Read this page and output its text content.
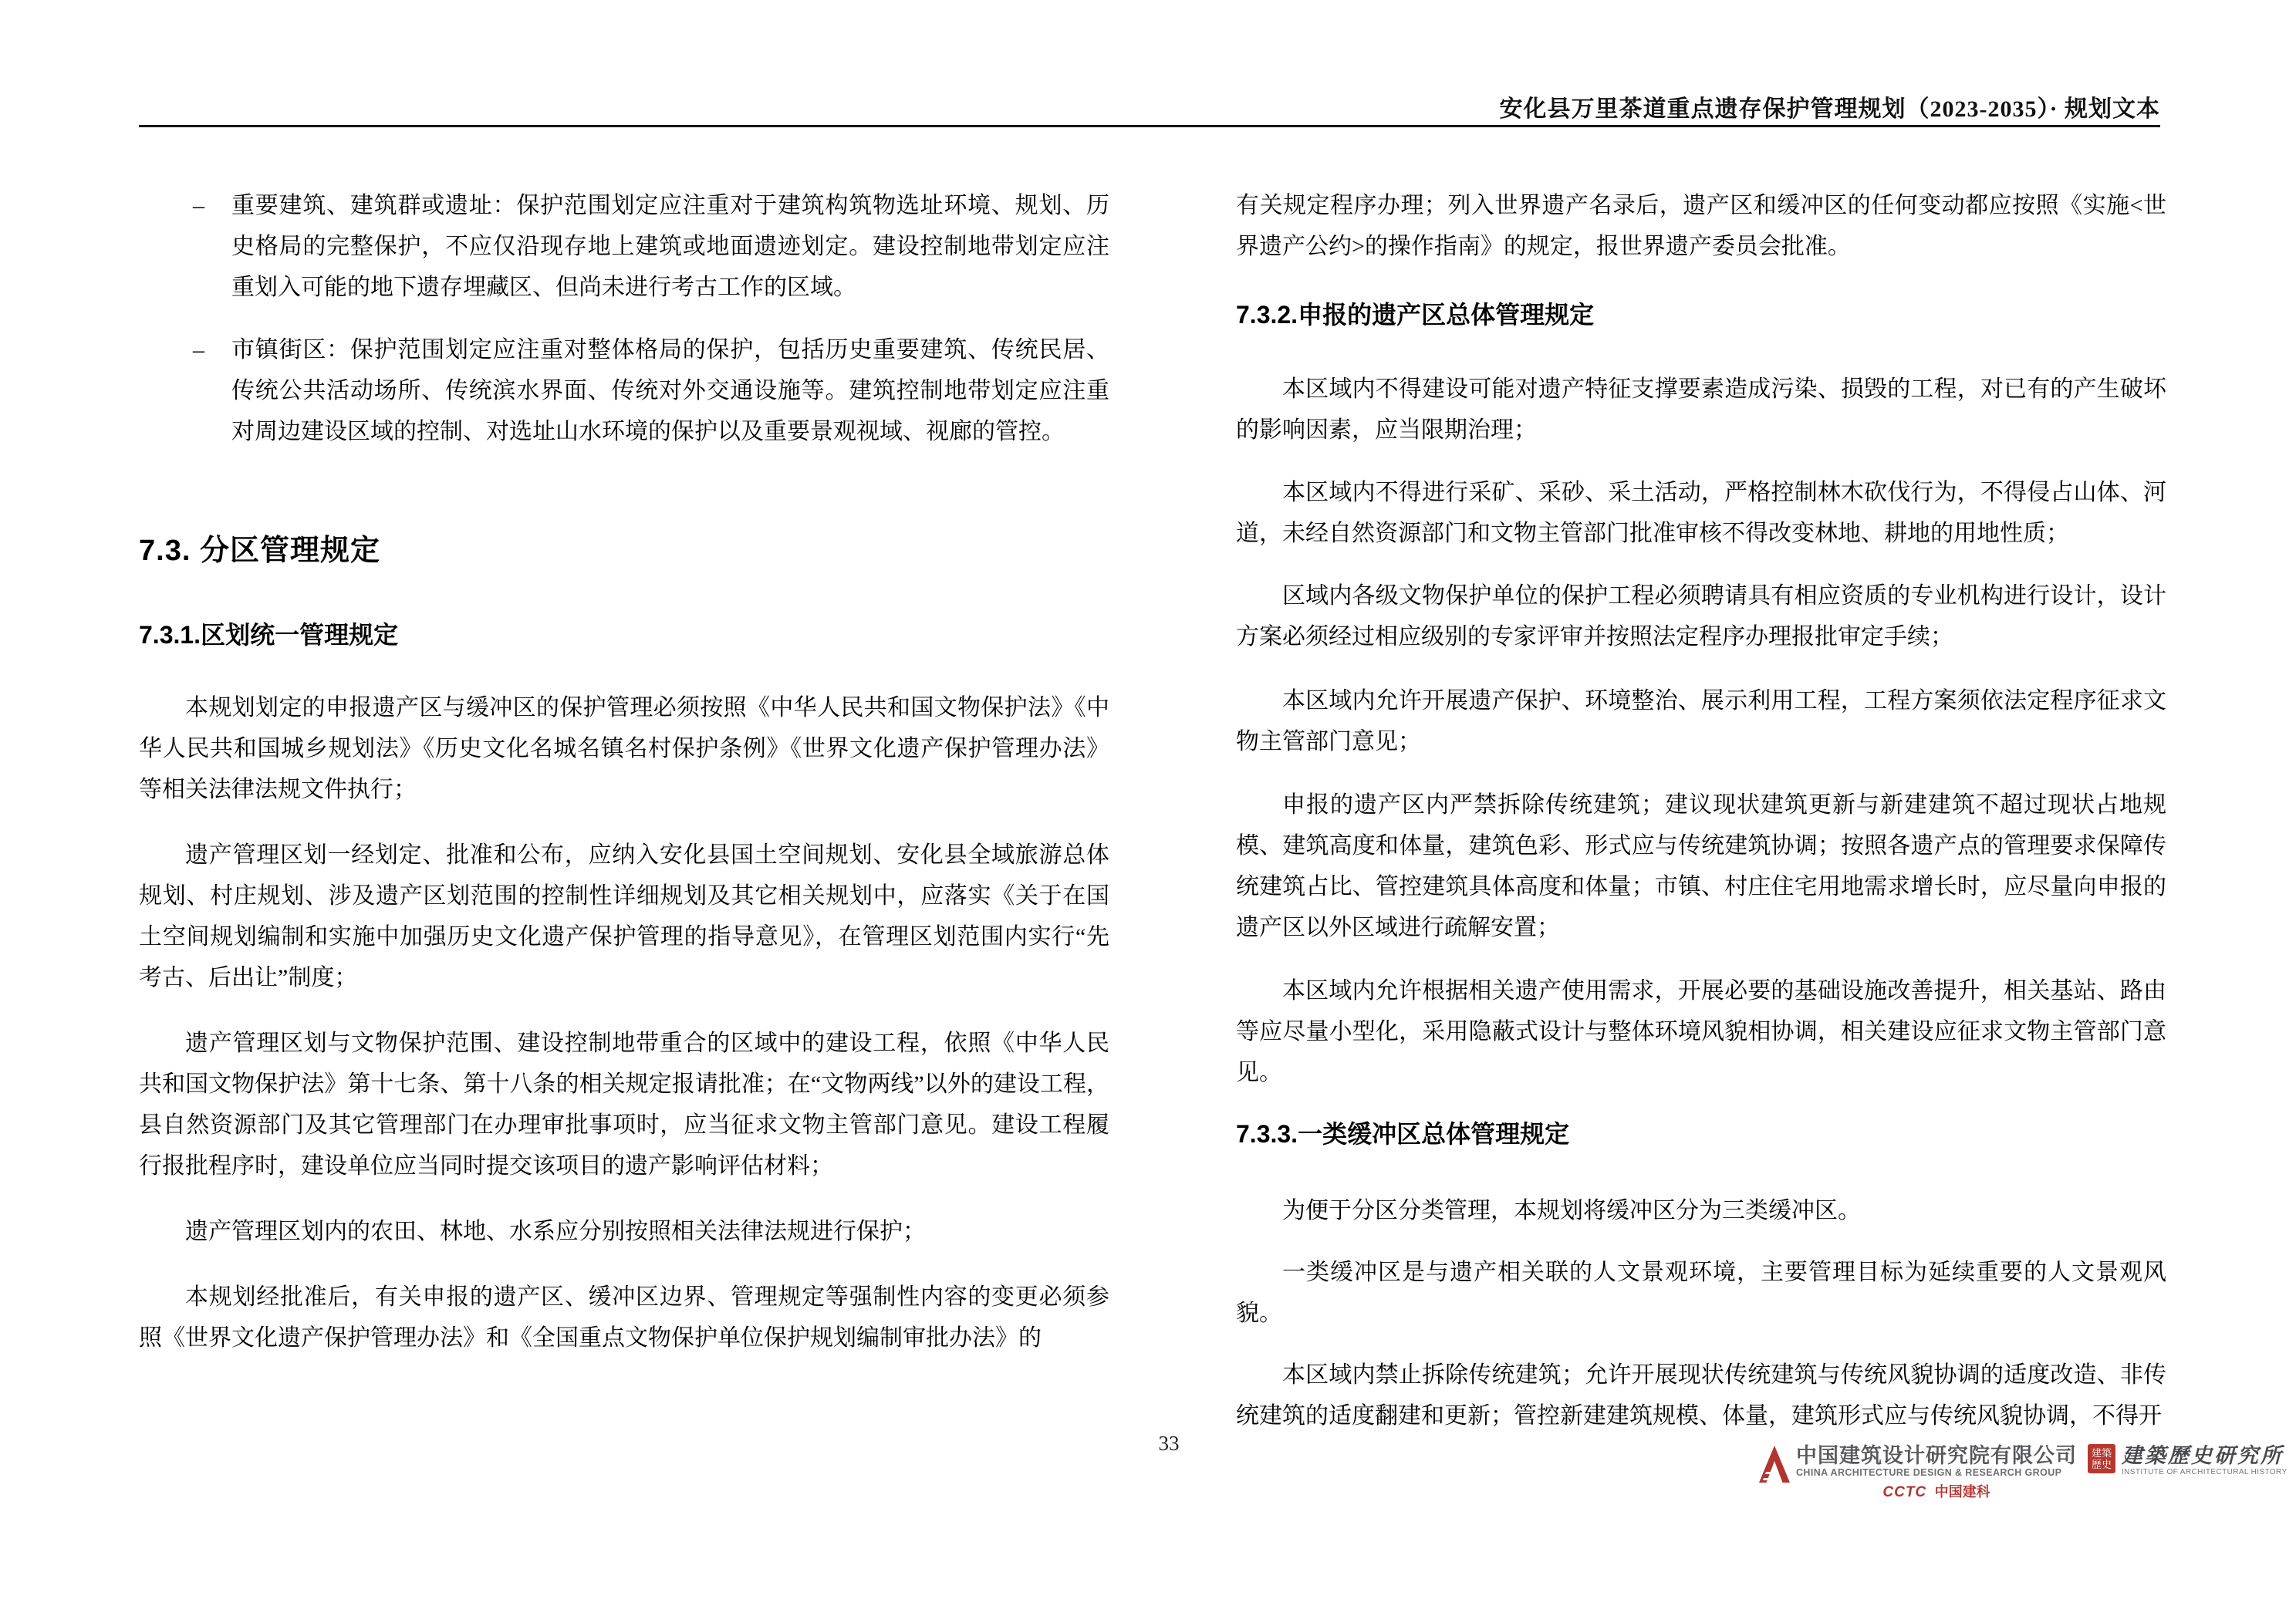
安化县万里茶道重点遗存保护管理规划（2023-2035）· 规划文本
–	重要建筑、建筑群或遗址：保护范围划定应注重对于建筑构筑物选址环境、规划、历史格局的完整保护，不应仅沿现存地上建筑或地面遗迹划定。建设控制地带划定应注重划入可能的地下遗存埋藏区、但尚未进行考古工作的区域。
–	市镇街区：保护范围划定应注重对整体格局的保护，包括历史重要建筑、传统民居、传统公共活动场所、传统滨水界面、传统对外交通设施等。建筑控制地带划定应注重对周边建设区域的控制、对选址山水环境的保护以及重要景观视域、视廊的管控。
7.3. 分区管理规定
7.3.1.区划统一管理规定

本规划划定的申报遗产区与缓冲区的保护管理必须按照《中华人民共和国文物保护法》《中华人民共和国城乡规划法》《历史文化名城名镇名村保护条例》《世界文化遗产保护管理办法》等相关法律法规文件执行；

遗产管理区划一经划定、批准和公布，应纳入安化县国土空间规划、安化县全域旅游总体规划、村庄规划、涉及遗产区划范围的控制性详细规划及其它相关规划中，应落实《关于在国土空间规划编制和实施中加强历史文化遗产保护管理的指导意见》，在管理区划范围内实行“先考古、后出让”制度；

遗产管理区划与文物保护范围、建设控制地带重合的区域中的建设工程，依照《中华人民共和国文物保护法》第十七条、第十八条的相关规定报请批准；在“文物两线”以外的建设工程，县自然资源部门及其它管理部门在办理审批事项时，应当征求文物主管部门意见。建设工程履行报批程序时，建设单位应当同时提交该项目的遗产影响评估材料；

遗产管理区划内的农田、林地、水系应分别按照相关法律法规进行保护；

本规划经批准后，有关申报的遗产区、缓冲区边界、管理规定等强制性内容的变更必须参照《世界文化遗产保护管理办法》和《全国重点文物保护单位保护规划编制审批办法》的

有关规定程序办理；列入世界遗产名录后，遗产区和缓冲区的任何变动都应按照《实施<世界遗产公约>的操作指南》的规定，报世界遗产委员会批准。

7.3.2.申报的遗产区总体管理规定

本区域内不得建设可能对遗产特征支撑要素造成污染、损毁的工程，对已有的产生破坏的影响因素，应当限期治理；

本区域内不得进行采矿、采砂、采土活动，严格控制林木砍伐行为，不得侵占山体、河道，未经自然资源部门和文物主管部门批准审核不得改变林地、耕地的用地性质；

区域内各级文物保护单位的保护工程必须聘请具有相应资质的专业机构进行设计，设计方案必须经过相应级别的专家评审并按照法定程序办理报批审定手续；

本区域内允许开展遗产保护、环境整治、展示利用工程，工程方案须依法定程序征求文物主管部门意见；

申报的遗产区内严禁拆除传统建筑；建议现状建筑更新与新建建筑不超过现状占地规模、建筑高度和体量，建筑色彩、形式应与传统建筑协调；按照各遗产点的管理要求保障传统建筑占比、管控建筑具体高度和体量；市镇、村庄住宅用地需求增长时，应尽量向申报的遗产区以外区域进行疏解安置；

本区域内允许根据相关遗产使用需求，开展必要的基础设施改善提升，相关基站、路由等应尽量小型化，采用隐蔽式设计与整体环境风貌相协调，相关建设应征求文物主管部门意见。

7.3.3.一类缓冲区总体管理规定

为便于分区分类管理，本规划将缓冲区分为三类缓冲区。

一类缓冲区是与遗产相关联的人文景观环境，主要管理目标为延续重要的人文景观风貌。

本区域内禁止拆除传统建筑；允许开展现状传统建筑与传统风貌协调的适度改造、非传统建筑的适度翻建和更新；管控新建建筑规模、体量，建筑形式应与传统风貌协调，不得开

33
中国建筑设计研究院有限公司
CHINA ARCHITECTURE DESIGN & RESEARCH GROUP
CCTC 中国建科
建築歷史 建築歷史研究所
INSTITUTE OF ARCHITECTURAL HISTORY
